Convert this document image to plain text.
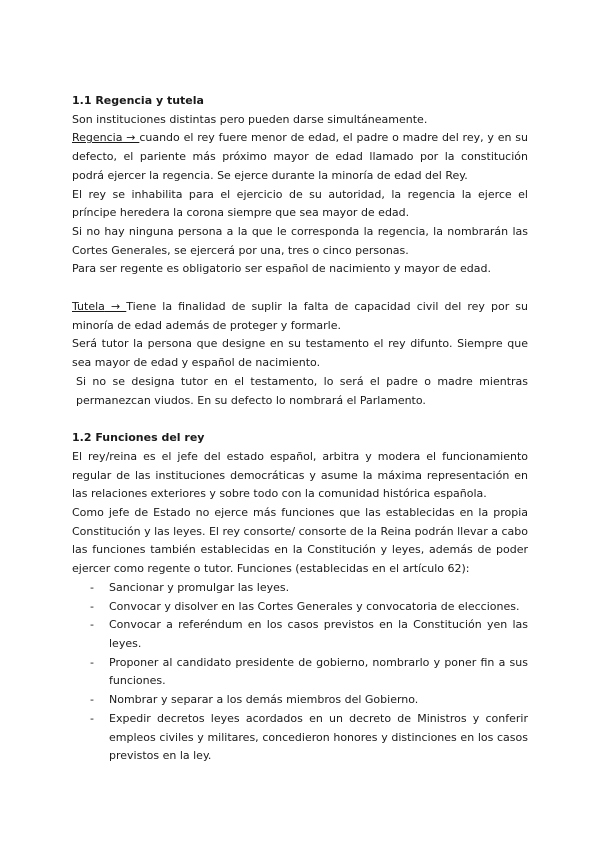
1.1 Regencia y tutela

Son instituciones distintas pero pueden darse simultáneamente.

Regencia → cuando el rey fuere menor de edad, el padre o madre del rey, y en su defecto, el pariente más próximo mayor de edad llamado por la constitución podrá ejercer la regencia. Se ejerce durante la minoría de edad del Rey.

El rey se inhabilita para el ejercicio de su autoridad, la regencia la ejerce el príncipe heredera la corona siempre que sea mayor de edad.

Si no hay ninguna persona a la que le corresponda la regencia, la nombrarán las Cortes Generales, se ejercerá por una, tres o cinco personas.

Para ser regente es obligatorio ser español de nacimiento y mayor de edad.

Tutela → Tiene la finalidad de suplir la falta de capacidad civil del rey por su minoría de edad además de proteger y formarle.

Será tutor la persona que designe en su testamento el rey difunto. Siempre que sea mayor de edad y español de nacimiento.

Si no se designa tutor en el testamento, lo será el padre o madre mientras permanezcan viudos. En su defecto lo nombrará el Parlamento.

1.2 Funciones del rey

El rey/reina es el jefe del estado español, arbitra y modera el funcionamiento regular de las instituciones democráticas y asume la máxima representación en las relaciones exteriores y sobre todo con la comunidad histórica española.

Como jefe de Estado no ejerce más funciones que las establecidas en la propia Constitución y las leyes. El rey consorte/ consorte de la Reina podrán llevar a cabo las funciones también establecidas en la Constitución y leyes, además de poder ejercer como regente o tutor. Funciones (establecidas en el artículo 62):

- Sancionar y promulgar las leyes.
- Convocar y disolver en las Cortes Generales y convocatoria de elecciones.
- Convocar a referéndum en los casos previstos en la Constitución yen las leyes.
- Proponer al candidato presidente de gobierno, nombrarlo y poner fin a sus funciones.
- Nombrar y separar a los demás miembros del Gobierno.
- Expedir decretos leyes acordados en un decreto de Ministros y conferir empleos civiles y militares, concedieron honores y distinciones en los casos previstos en la ley.
